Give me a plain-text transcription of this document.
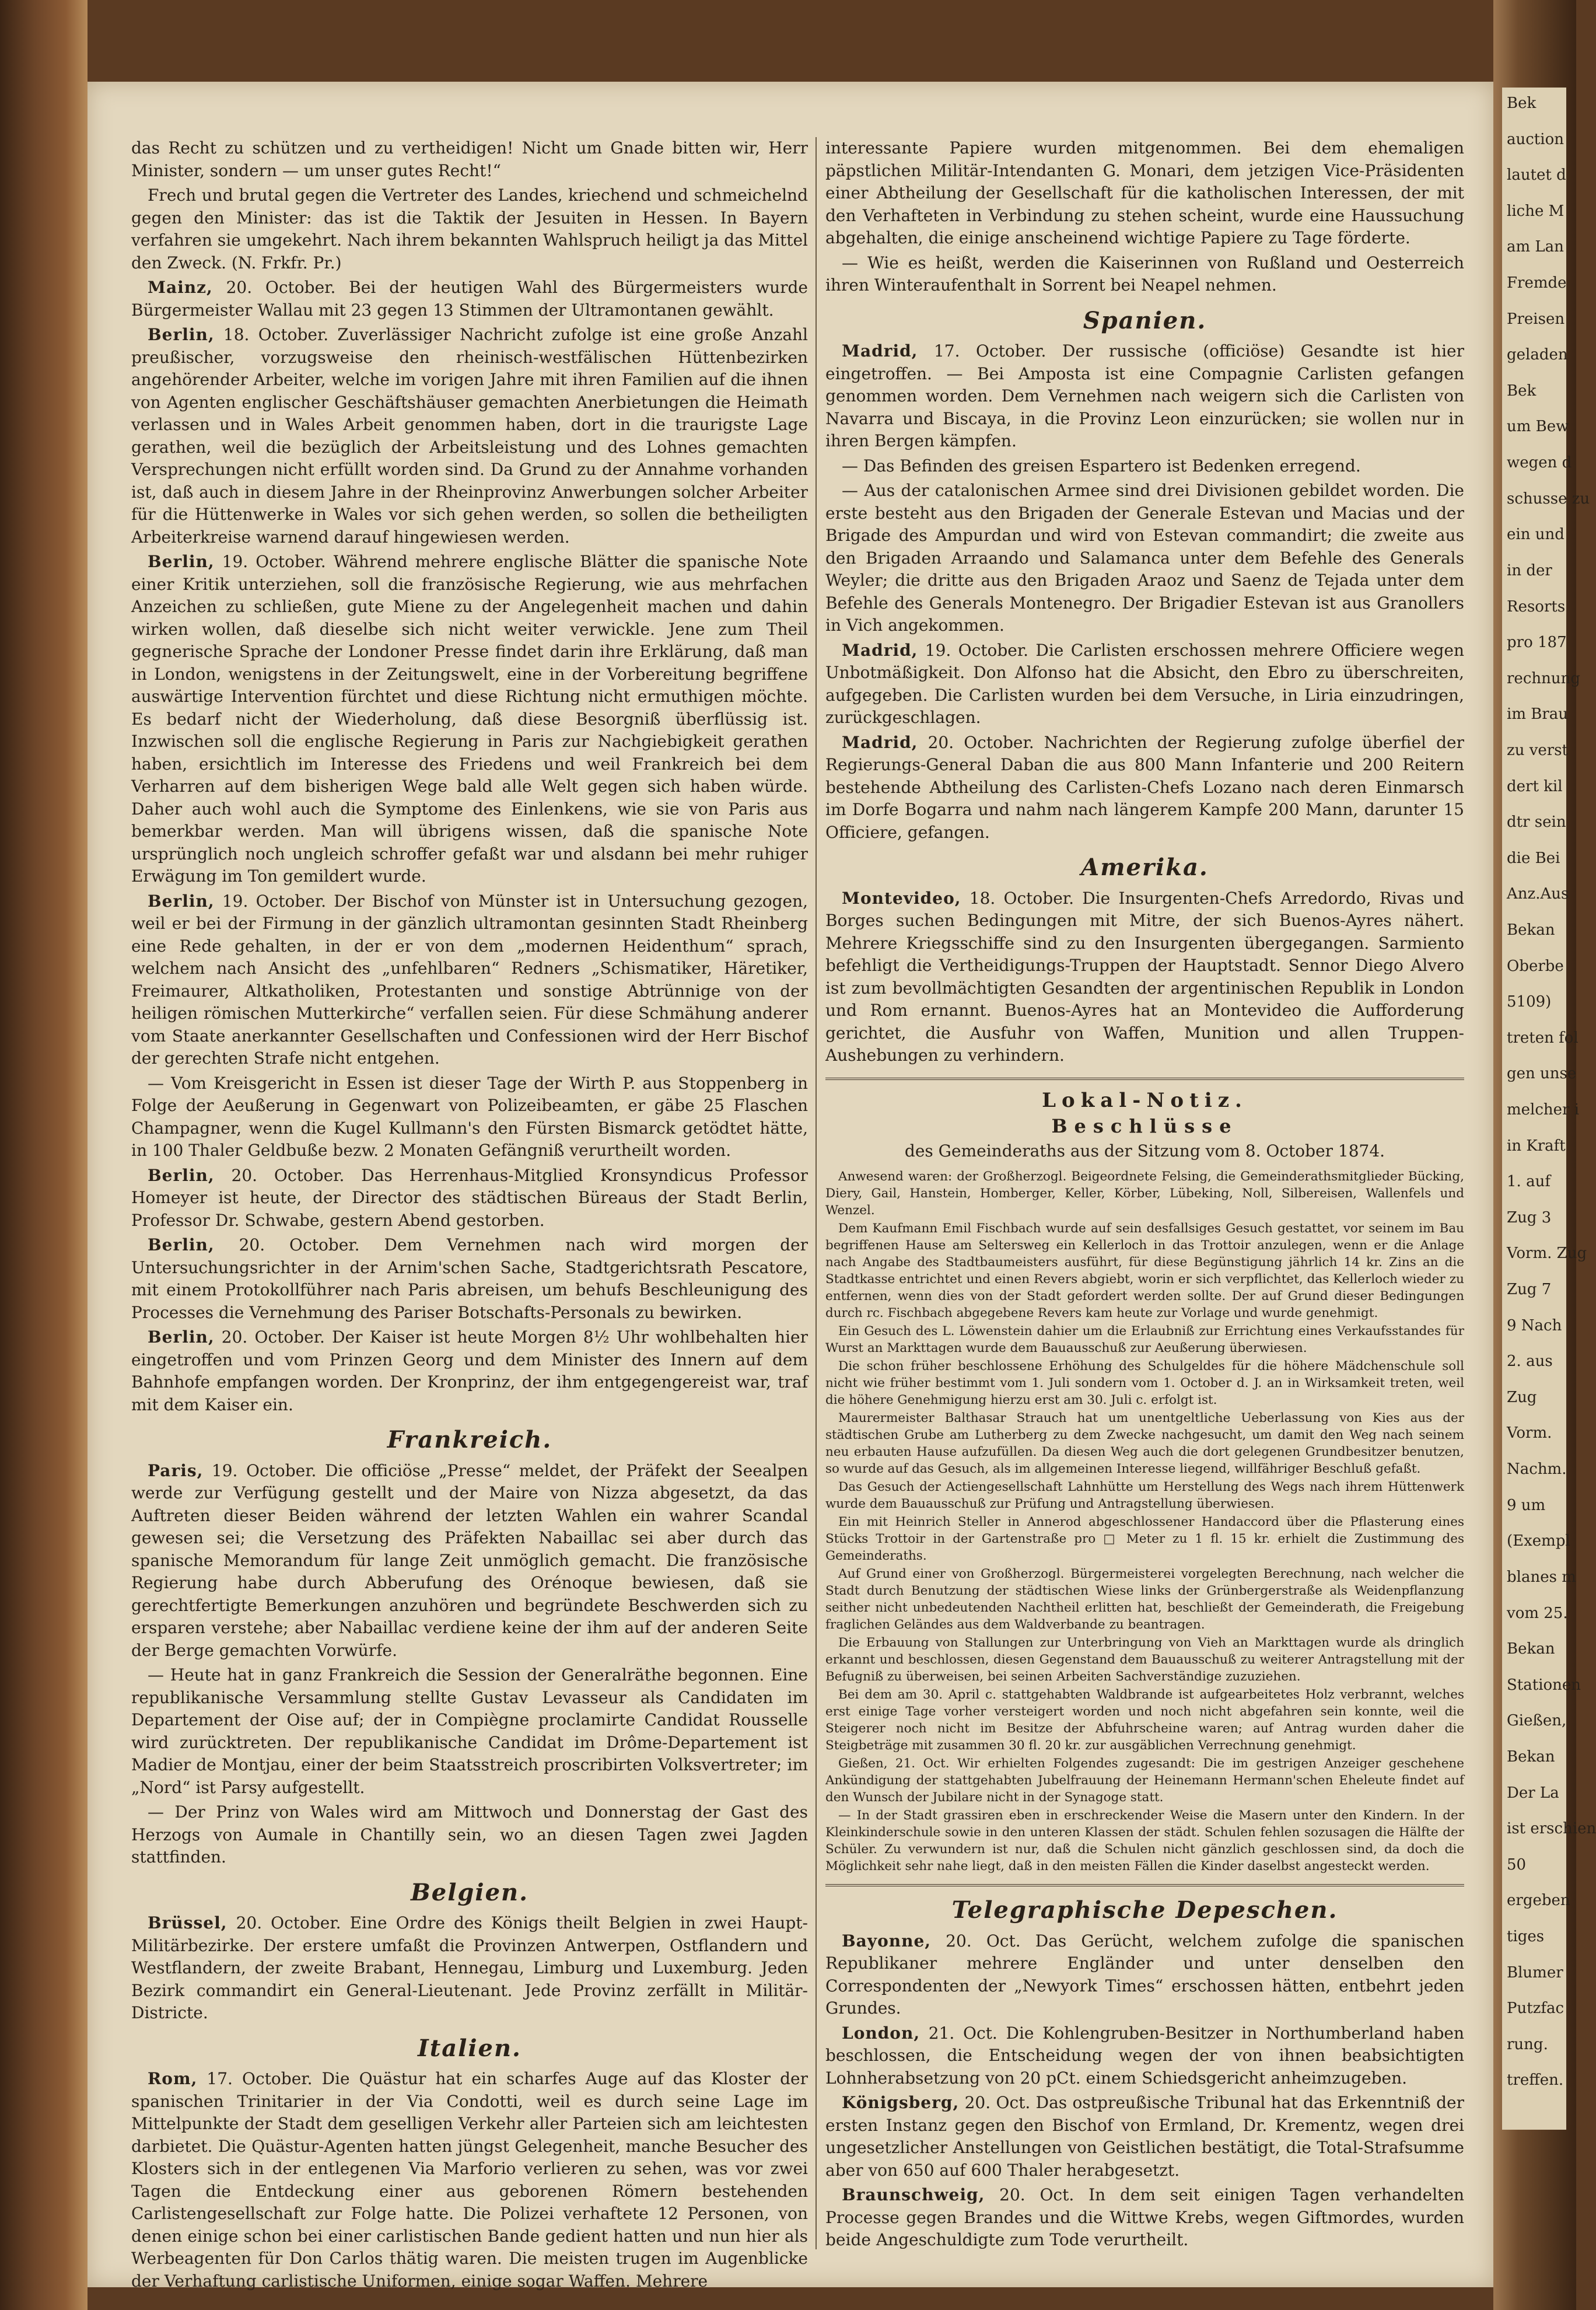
das Recht zu schützen und zu vertheidigen! Nicht um Gnade bitten wir, Herr Minister, sondern — um unser gutes Recht!“

Frech und brutal gegen die Vertreter des Landes, kriechend und schmeichelnd gegen den Minister: das ist die Taktik der Jesuiten in Hessen. In Bayern verfahren sie umgekehrt. Nach ihrem bekannten Wahlspruch heiligt ja das Mittel den Zweck. (N. Frkfr. Pr.)

Mainz, 20. October. Bei der heutigen Wahl des Bürgermeisters wurde Bürgermeister Wallau mit 23 gegen 13 Stimmen der Ultramontanen gewählt.

Berlin, 18. October. Zuverlässiger Nachricht zufolge ist eine große Anzahl preußischer, vorzugsweise den rheinisch-westfälischen Hüttenbezirken angehörender Arbeiter, welche im vorigen Jahre mit ihren Familien auf die ihnen von Agenten englischer Geschäftshäuser gemachten Anerbietungen die Heimath verlassen und in Wales Arbeit genommen haben, dort in die traurigste Lage gerathen, weil die bezüglich der Arbeitsleistung und des Lohnes gemachten Versprechungen nicht erfüllt worden sind. Da Grund zu der Annahme vorhanden ist, daß auch in diesem Jahre in der Rheinprovinz Anwerbungen solcher Arbeiter für die Hüttenwerke in Wales vor sich gehen werden, so sollen die betheiligten Arbeiterkreise warnend darauf hingewiesen werden.

Berlin, 19. October. Während mehrere englische Blätter die spanische Note einer Kritik unterziehen, soll die französische Regierung, wie aus mehrfachen Anzeichen zu schließen, gute Miene zu der Angelegenheit machen und dahin wirken wollen, daß dieselbe sich nicht weiter verwickle. Jene zum Theil gegnerische Sprache der Londoner Presse findet darin ihre Erklärung, daß man in London, wenigstens in der Zeitungswelt, eine in der Vorbereitung begriffene auswärtige Intervention fürchtet und diese Richtung nicht ermuthigen möchte. Es bedarf nicht der Wiederholung, daß diese Besorgniß überflüssig ist. Inzwischen soll die englische Regierung in Paris zur Nachgiebigkeit gerathen haben, ersichtlich im Interesse des Friedens und weil Frankreich bei dem Verharren auf dem bisherigen Wege bald alle Welt gegen sich haben würde. Daher auch wohl auch die Symptome des Einlenkens, wie sie von Paris aus bemerkbar werden. Man will übrigens wissen, daß die spanische Note ursprünglich noch ungleich schroffer gefaßt war und alsdann bei mehr ruhiger Erwägung im Ton gemildert wurde.

Berlin, 19. October. Der Bischof von Münster ist in Untersuchung gezogen, weil er bei der Firmung in der gänzlich ultramontan gesinnten Stadt Rheinberg eine Rede gehalten, in der er von dem „modernen Heidenthum“ sprach, welchem nach Ansicht des „unfehlbaren“ Redners „Schismatiker, Häretiker, Freimaurer, Altkatholiken, Protestanten und sonstige Abtrünnige von der heiligen römischen Mutterkirche“ verfallen seien. Für diese Schmähung anderer vom Staate anerkannter Gesellschaften und Confessionen wird der Herr Bischof der gerechten Strafe nicht entgehen.

— Vom Kreisgericht in Essen ist dieser Tage der Wirth P. aus Stoppenberg in Folge der Aeußerung in Gegenwart von Polizeibeamten, er gäbe 25 Flaschen Champagner, wenn die Kugel Kullmann's den Fürsten Bismarck getödtet hätte, in 100 Thaler Geldbuße bezw. 2 Monaten Gefängniß verurtheilt worden.

Berlin, 20. October. Das Herrenhaus-Mitglied Kronsyndicus Professor Homeyer ist heute, der Director des städtischen Büreaus der Stadt Berlin, Professor Dr. Schwabe, gestern Abend gestorben.

Berlin, 20. October. Dem Vernehmen nach wird morgen der Untersuchungsrichter in der Arnim'schen Sache, Stadtgerichtsrath Pescatore, mit einem Protokollführer nach Paris abreisen, um behufs Beschleunigung des Processes die Vernehmung des Pariser Botschafts-Personals zu bewirken.

Berlin, 20. October. Der Kaiser ist heute Morgen 8½ Uhr wohlbehalten hier eingetroffen und vom Prinzen Georg und dem Minister des Innern auf dem Bahnhofe empfangen worden. Der Kronprinz, der ihm entgegengereist war, traf mit dem Kaiser ein.

Frankreich.

Paris, 19. October. Die officiöse „Presse“ meldet, der Präfekt der Seealpen werde zur Verfügung gestellt und der Maire von Nizza abgesetzt, da das Auftreten dieser Beiden während der letzten Wahlen ein wahrer Scandal gewesen sei; die Versetzung des Präfekten Nabaillac sei aber durch das spanische Memorandum für lange Zeit unmöglich gemacht. Die französische Regierung habe durch Abberufung des Orénoque bewiesen, daß sie gerechtfertigte Bemerkungen anzuhören und begründete Beschwerden sich zu ersparen verstehe; aber Nabaillac verdiene keine der ihm auf der anderen Seite der Berge gemachten Vorwürfe.

— Heute hat in ganz Frankreich die Session der Generalräthe begonnen. Eine republikanische Versammlung stellte Gustav Levasseur als Candidaten im Departement der Oise auf; der in Compiègne proclamirte Candidat Rousselle wird zurücktreten. Der republikanische Candidat im Drôme-Departement ist Madier de Montjau, einer der beim Staatsstreich proscribirten Volksvertreter; im „Nord“ ist Parsy aufgestellt.

— Der Prinz von Wales wird am Mittwoch und Donnerstag der Gast des Herzogs von Aumale in Chantilly sein, wo an diesen Tagen zwei Jagden stattfinden.

Belgien.

Brüssel, 20. October. Eine Ordre des Königs theilt Belgien in zwei Haupt-Militärbezirke. Der erstere umfaßt die Provinzen Antwerpen, Ostflandern und Westflandern, der zweite Brabant, Hennegau, Limburg und Luxemburg. Jeden Bezirk commandirt ein General-Lieutenant. Jede Provinz zerfällt in Militär-Districte.

Italien.

Rom, 17. October. Die Quästur hat ein scharfes Auge auf das Kloster der spanischen Trinitarier in der Via Condotti, weil es durch seine Lage im Mittelpunkte der Stadt dem geselligen Verkehr aller Parteien sich am leichtesten darbietet. Die Quästur-Agenten hatten jüngst Gelegenheit, manche Besucher des Klosters sich in der entlegenen Via Marforio verlieren zu sehen, was vor zwei Tagen die Entdeckung einer aus geborenen Römern bestehenden Carlistengesellschaft zur Folge hatte. Die Polizei verhaftete 12 Personen, von denen einige schon bei einer carlistischen Bande gedient hatten und nun hier als Werbeagenten für Don Carlos thätig waren. Die meisten trugen im Augenblicke der Verhaftung carlistische Uniformen, einige sogar Waffen. Mehrere

interessante Papiere wurden mitgenommen. Bei dem ehemaligen päpstlichen Militär-Intendanten G. Monari, dem jetzigen Vice-Präsidenten einer Abtheilung der Gesellschaft für die katholischen Interessen, der mit den Verhafteten in Verbindung zu stehen scheint, wurde eine Haussuchung abgehalten, die einige anscheinend wichtige Papiere zu Tage förderte.

— Wie es heißt, werden die Kaiserinnen von Rußland und Oesterreich ihren Winteraufenthalt in Sorrent bei Neapel nehmen.

Spanien.

Madrid, 17. October. Der russische (officiöse) Gesandte ist hier eingetroffen. — Bei Amposta ist eine Compagnie Carlisten gefangen genommen worden. Dem Vernehmen nach weigern sich die Carlisten von Navarra und Biscaya, in die Provinz Leon einzurücken; sie wollen nur in ihren Bergen kämpfen.

— Das Befinden des greisen Espartero ist Bedenken erregend.

— Aus der catalonischen Armee sind drei Divisionen gebildet worden. Die erste besteht aus den Brigaden der Generale Estevan und Macias und der Brigade des Ampurdan und wird von Estevan commandirt; die zweite aus den Brigaden Arraando und Salamanca unter dem Befehle des Generals Weyler; die dritte aus den Brigaden Araoz und Saenz de Tejada unter dem Befehle des Generals Montenegro. Der Brigadier Estevan ist aus Granollers in Vich angekommen.

Madrid, 19. October. Die Carlisten erschossen mehrere Officiere wegen Unbotmäßigkeit. Don Alfonso hat die Absicht, den Ebro zu überschreiten, aufgegeben. Die Carlisten wurden bei dem Versuche, in Liria einzudringen, zurückgeschlagen.

Madrid, 20. October. Nachrichten der Regierung zufolge überfiel der Regierungs-General Daban die aus 800 Mann Infanterie und 200 Reitern bestehende Abtheilung des Carlisten-Chefs Lozano nach deren Einmarsch im Dorfe Bogarra und nahm nach längerem Kampfe 200 Mann, darunter 15 Officiere, gefangen.

Amerika.

Montevideo, 18. October. Die Insurgenten-Chefs Arredordo, Rivas und Borges suchen Bedingungen mit Mitre, der sich Buenos-Ayres nähert. Mehrere Kriegsschiffe sind zu den Insurgenten übergegangen. Sarmiento befehligt die Vertheidigungs-Truppen der Hauptstadt. Sennor Diego Alvero ist zum bevollmächtigten Gesandten der argentinischen Republik in London und Rom ernannt. Buenos-Ayres hat an Montevideo die Aufforderung gerichtet, die Ausfuhr von Waffen, Munition und allen Truppen-Aushebungen zu verhindern.

Lokal-Notiz.
Beschlüsse
des Gemeinderaths aus der Sitzung vom 8. October 1874.

Anwesend waren: der Großherzogl. Beigeordnete Felsing, die Gemeinderathsmitglieder Bücking, Diery, Gail, Hanstein, Homberger, Keller, Körber, Lübeking, Noll, Silbereisen, Wallenfels und Wenzel.

Dem Kaufmann Emil Fischbach wurde auf sein desfallsiges Gesuch gestattet, vor seinem im Bau begriffenen Hause am Seltersweg ein Kellerloch in das Trottoir anzulegen, wenn er die Anlage nach Angabe des Stadtbaumeisters ausführt, für diese Begünstigung jährlich 14 kr. Zins an die Stadtkasse entrichtet und einen Revers abgiebt, worin er sich verpflichtet, das Kellerloch wieder zu entfernen, wenn dies von der Stadt gefordert werden sollte. Der auf Grund dieser Bedingungen durch rc. Fischbach abgegebene Revers kam heute zur Vorlage und wurde genehmigt.

Ein Gesuch des L. Löwenstein dahier um die Erlaubniß zur Errichtung eines Verkaufsstandes für Wurst an Markttagen wurde dem Bauausschuß zur Aeußerung überwiesen.

Die schon früher beschlossene Erhöhung des Schulgeldes für die höhere Mädchenschule soll nicht wie früher bestimmt vom 1. Juli sondern vom 1. October d. J. an in Wirksamkeit treten, weil die höhere Genehmigung hierzu erst am 30. Juli c. erfolgt ist.

Maurermeister Balthasar Strauch hat um unentgeltliche Ueberlassung von Kies aus der städtischen Grube am Lutherberg zu dem Zwecke nachgesucht, um damit den Weg nach seinem neu erbauten Hause aufzufüllen. Da diesen Weg auch die dort gelegenen Grundbesitzer benutzen, so wurde auf das Gesuch, als im allgemeinen Interesse liegend, willfähriger Beschluß gefaßt.

Das Gesuch der Actiengesellschaft Lahnhütte um Herstellung des Wegs nach ihrem Hüttenwerk wurde dem Bauausschuß zur Prüfung und Antragstellung überwiesen.

Ein mit Heinrich Steller in Annerod abgeschlossener Handaccord über die Pflasterung eines Stücks Trottoir in der Gartenstraße pro □ Meter zu 1 fl. 15 kr. erhielt die Zustimmung des Gemeinderaths.

Auf Grund einer von Großherzogl. Bürgermeisterei vorgelegten Berechnung, nach welcher die Stadt durch Benutzung der städtischen Wiese links der Grünbergerstraße als Weidenpflanzung seither nicht unbedeutenden Nachtheil erlitten hat, beschließt der Gemeinderath, die Freigebung fraglichen Geländes aus dem Waldverbande zu beantragen.

Die Erbauung von Stallungen zur Unterbringung von Vieh an Markttagen wurde als dringlich erkannt und beschlossen, diesen Gegenstand dem Bauausschuß zu weiterer Antragstellung mit der Befugniß zu überweisen, bei seinen Arbeiten Sachverständige zuzuziehen.

Bei dem am 30. April c. stattgehabten Waldbrande ist aufgearbeitetes Holz verbrannt, welches erst einige Tage vorher versteigert worden und noch nicht abgefahren sein konnte, weil die Steigerer noch nicht im Besitze der Abfuhrscheine waren; auf Antrag wurden daher die Steigbeträge mit zusammen 30 fl. 20 kr. zur ausgäblichen Verrechnung genehmigt.

Gießen, 21. Oct. Wir erhielten Folgendes zugesandt: Die im gestrigen Anzeiger geschehene Ankündigung der stattgehabten Jubelfrauung der Heinemann Hermann'schen Eheleute findet auf den Wunsch der Jubilare nicht in der Synagoge statt.

— In der Stadt grassiren eben in erschreckender Weise die Masern unter den Kindern. In der Kleinkinderschule sowie in den unteren Klassen der städt. Schulen fehlen sozusagen die Hälfte der Schüler. Zu verwundern ist nur, daß die Schulen nicht gänzlich geschlossen sind, da doch die Möglichkeit sehr nahe liegt, daß in den meisten Fällen die Kinder daselbst angesteckt werden.

Telegraphische Depeschen.

Bayonne, 20. Oct. Das Gerücht, welchem zufolge die spanischen Republikaner mehrere Engländer und unter denselben den Correspondenten der „Newyork Times“ erschossen hätten, entbehrt jeden Grundes.

London, 21. Oct. Die Kohlengruben-Besitzer in Northumberland haben beschlossen, die Entscheidung wegen der von ihnen beabsichtigten Lohnherabsetzung von 20 pCt. einem Schiedsgericht anheimzugeben.

Königsberg, 20. Oct. Das ostpreußische Tribunal hat das Erkenntniß der ersten Instanz gegen den Bischof von Ermland, Dr. Krementz, wegen drei ungesetzlicher Anstellungen von Geistlichen bestätigt, die Total-Strafsumme aber von 650 auf 600 Thaler herabgesetzt.

Braunschweig, 20. Oct. In dem seit einigen Tagen verhandelten Processe gegen Brandes und die Wittwe Krebs, wegen Giftmordes, wurden beide Angeschuldigte zum Tode verurtheilt.

Bek
auction
lautet d
liche M
am Lan
Fremde
Preisen
geladen
Bek
um Bew
wegen d
schusse zu
ein und
in der
Resorts
pro 187
rechnung
im Brau
zu verst
dert kil
dtr sein
die Bei
Anz.Aus
Bekan
Oberbe
5109)
treten fol
gen unse
melcher i
in Kraft
1. auf
Zug 3
Vorm. Zug
Zug 7
9 Nach
2. aus
Zug
Vorm.
Nachm.
9 um
(Exempl
blanes m
vom 25.
Bekan
Stationen
Gießen,
Bekan
Der La
ist erschien
50
ergeben
tiges
Blumer
Putzfac
rung.
treffen.
